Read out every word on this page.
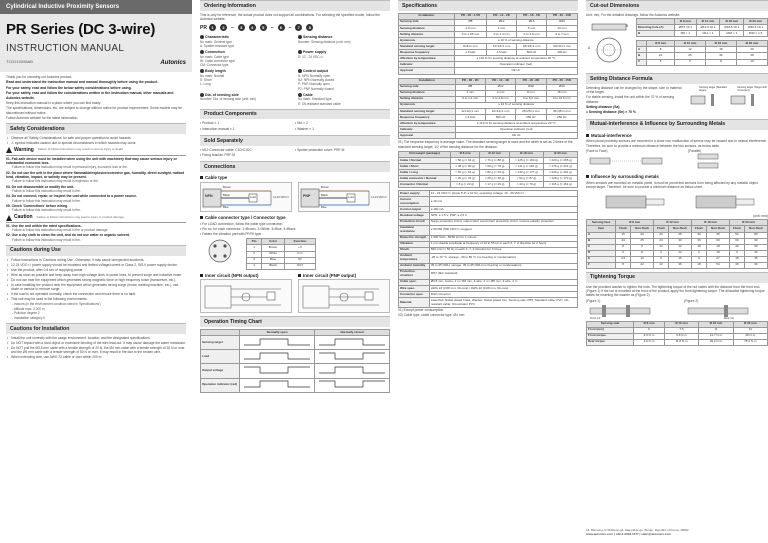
Cylindrical Inductive Proximity Sensors
PR Series (DC 3-wire)
INSTRUCTION MANUAL
TCD210098AB	Autonics
Thank you for choosing our Autonics product.
Read and understand the instruction manual and manual thoroughly before using the product.
For your safety, read and follow the below safety considerations before using.
For your safety, read and follow the considerations written in the instruction manual, other manuals and Autonics website.
Keep this instruction manual in a place where you can find easily.
The specifications, dimensions, etc. are subject to change without notice for product improvement. Some models may be discontinued without notice.
Follow Autonics website for the latest information.
Safety Considerations
• Observe all 'Safety Considerations' for safe and proper operation to avoid hazards.
• ⚠ symbol indicates caution due to special circumstances in which hazards may occur.
Warning Failure to follow instructions may result in serious injury or death.
01. Fail-safe device must be installed when using the unit with machinery that may cause serious injury or substantial economic loss.
Failure to follow this instruction may result in personal injury, economic loss or fire.
02. Do not use the unit in the place where flammable/explosive/corrosive gas, humidity, direct sunlight, radiant heat, vibration, impact, or salinity may be present.
Failure to follow this instruction may result in explosion or fire.
03. Do not disassemble or modify the unit.
Failure to follow this instruction may result in fire.
04. Do not connect, repair, or inspect the unit while connected to a power source.
Failure to follow this instruction may result in fire.
05. Check 'Connections' before wiring.
Failure to follow this instruction may result in fire.
Caution Failure to follow instructions may lead to injury or product damage.
01. Use the unit within the rated specifications.
Failure to follow this instruction may result in fire or product damage.
02. Use a dry cloth to clean the unit, and do not use water or organic solvent.
Failure to follow this instruction may result in fire.
Cautions during Use
• Follow instructions in 'Cautions during Use'. Otherwise, it may cause unexpected accidents.
• 12-24 VDC== power supply should be insulated and limited voltage/current or Class 2, SELV power supply device.
• Use the product, after 0.8 sec of supplying power.
• Wire as short as possible and keep away from high voltage lines or power lines, to prevent surge and inductive noise.
• Do not use near the equipment which generates strong magnetic force or high frequency noise (transceiver, etc.).
• In case installing the product near the equipment which generates strong surge (motor, welding machine, etc.), use diode or varistor to remove surge.
• If the load is not operated normally, check the connection and ensure there is no fault.
• This unit may be used in the following environments.
- Indoors (in the environment condition rated in 'Specifications')
- Altitude max. 2,000 m
- Pollution degree 2
- Installation category II
Cautions for Installation
• Install the unit correctly with the usage environment, location, and the designated specifications.
• Do NOT impact with a hard object or excessive bending of the wire lead-out. It may cause damage the water resistance.
• Do NOT pull the Ø3.5 mm cable with a tensile strength of 20 N, the Ø4 mm cable with a tensile strength of 30 N or over and the Ø5 mm cable with a tensile strength of 50 N or over. It may result in fire due to the broken wire.
• When extending wire, use AWG 22 cable or over within 200 m.
Ordering Information
This is only for reference, the actual product does not support all combinations. For selecting the specified model, follow the Autonics website.
PR	1	2	–	3	4	5	–	6	–	7	8
Characteristic
No mark: General type
A: Spatter-resistant type
Sensing distance
Number: Sensing distance (unit: mm)
Connection
No mark: Cable type
W: Cable connector type
CM: Connector type
Power supply
D: 12 - 24 VDC==
Body length
No mark: Normal
S: Short
L: Long
Control output
N: NPN Normally open
N2: NPN Normally closed
P: PNP Normally open
P2: PNP Normally closed
Dia. of sensing side
Number: Dia. of sensing side (unit: mm)
Cable
No mark: Standard type
E: Oil-resistant standard cable
Product Components
• Product × 1	• Nut × 2
• Instruction manual × 1	• Washer × 1
Sold Separately
• M12 Connector cable: C1D/C1DC	• Sputter protection cover: PRF-M
• Fixing bracket: PRF-M
Connections
Cable type
NPN
Brown
Black
Blue
Load	12-24 VDC==	PNP
Brown
Black
Blue
Load	12-24 VDC==
Cable connector type / Connector type
• For LOAD connection, follow the cable type connection.
• Pin no. for each connector: 1=Brown, 2=White, 3=Blue, 4=Black
• Fasten the vibration part with PF/Fit type.
Pin	Color	Function
1	Brown	+V
2	White	N·C
3	Blue	0V
4	Black	OUT
Inner circuit (NPN output)	Inner circuit (PNP output)
Operation Timing Chart
	Normally open	Normally closed
Sensing target		
Load		
Output voltage		
Operation indicator (red)		
Specifications
Installation	PR - 08 - 1.5D	PR - 12 - 2D	PR - 18 - 5D	PR - 30 - 10D
Sensing side	Ø8	Ø12	Ø18	Ø30
Sensing distance	1.5 mm	2 mm	5 mm	10 mm
Setting distance	0 to 1.05 mm	0 to 1.4 mm	0 to 3.5 mm	0 to 7 mm
Hysteresis	≤ 10 % of sensing distance			
Standard sensing target	8×8×1 mm	12×12×1 mm	18×18×1 mm	30×30×1 mm
Response frequency	1.5 kHz	1.5 kHz	500 Hz	400 Hz
Affection by temperature	≤ ±10 % for sensing distance at ambient temperature 20 °C			
Indicator	Operation indicator (red)			
Approval	CE UL			
Installation	PR - 08 - 2D	PR - 12 - 4D	PR - 18 - 8D	PR - 30 - 15D
Sensing side	Ø8	Ø12	Ø18	Ø30
Sensing distance	2 mm	4 mm	8 mm	15 mm
Setting distance	0 to 1.4 mm	0 to 2.8 mm	0 to 5.6 mm	0 to 10.5 mm
Hysteresis	≤ 10 % of sensing distance			
Standard sensing target	12×12×1 mm	12×12×1 mm	25×25×1 mm	45×45×1 mm
Response frequency	1.5 kHz	500 Hz	350 Hz	250 Hz
Affection by temperature	≤ ±10 % for sensing distance at ambient temperature 20 °C			
Indicator	Operation indicator (red)			
Approval	CE UL			
01) The response frequency is average value. The standard sensing target is used and the width is set as 2 times of the standard sensing target, 1/2 of the sensing distance for the distance.
Unit weight (package)	Ø 8 mm	Ø 12 mm	Ø 18 mm	Ø 30 mm
Cable / Normal	≈ 50 g (≈ 62 g)	≈ 76 g (≈ 88 g)	≈ 125 g (≈ 160 g)	≈ 220 g (≈ 265 g)
Cable / Short	≈ 48 g (≈ 60 g)	≈ 66 g (≈ 78 g)	≈ 111 g (≈ 146 g)	≈ 176 g (≈ 221 g)
Cable / Long	≈ 52 g (≈ 64 g)	≈ 82 g (≈ 94 g)	≈ 142 g (≈ 177 g)	≈ 246 g (≈ 291 g)
Cable connector / Normal	≈ 20 g (≈ 32 g)	≈ 28 g (≈ 40 g)	≈ 52 g (≈ 87 g)	≈ 128 g (≈ 173 g)
Connector / Normal	≈ 8 g (≈ 20 g)	≈ 17 g (≈ 29 g)	≈ 44 g (≈ 79 g)	≈ 116 g (≈ 161 g)
Power supply	12 - 24 VDC== (ripple P-P: ≤ 10 %), operating voltage: 10 - 30 VDC==
Current consumption	≤ 10 mA
Control output	≤ 200 mA
Residual voltage	NPN: ≤ 1.5 V, PNP: ≤ 2.5 V
Protection circuit	Surge protection circuit, output short overcurrent protection circuit, reverse polarity protection
Insulation resistance	≥ 50 MΩ (500 VDC== megger)
Dielectric strength	1,500 VAC~ 50/60 Hz for 1 minute
Vibration	1 mm double amplitude at frequency of 10 to 55 Hz in each X, Y, Z direction for 2 hours
Shock	500 m/s² (≈ 50 G) in each X, Y, Z direction for 3 times
Ambient temperature	-25 to 70 °C, storage: -30 to 80 °C (no freezing or condensation)
Ambient humidity	35 to 95 %RH, storage: 35 to 95 %RH (no freezing or condensation)
Protection structure	IP67 (IEC standard)
Cable spec.	Ø3.5 mm, 3-wire, 2 m / Ø4 mm, 3-wire, 2 m / Ø5 mm, 3-wire, 2 m
Wire spec.	AWG 24 (0.08 mm, 40-core) / AWG 22 (0.08 mm, 60-core)
Connector spec.	M12 connector
Material	Case/Nut: Nickel plated brass, Washer: Nickel plated iron, Sensing side: PBT, Standard cable: PVC, Oil-resistant cable: Oil-resistant PVC
01) Except power consumption.
02) Cable type, cable connector type: Ø4 mm
Cut-out Dimensions
Unit: mm, For the detailed drawings, follow the Autonics website.
A
B
	Ø 8 mm	Ø 12 mm	Ø 18 mm	Ø 30 mm
Mounting hole (A)	Ø8.5 ±0.1	Ø12.5 ±0.1	Ø18.5 ±0.1	Ø30.5 ±0.1
B	M8 × 1	M12 × 1	M18 × 1	M30 × 1.5
	Ø 8 mm	Ø 12 mm	Ø 18 mm	Ø 30 mm
A	8	12	18	30
B	24	26	36	48
C	5	6	8	10
Setting Distance Formula
Detecting distance can be changed by the shape, size or material of the target.
For stable sensing, install the unit within the 70 % of sensing distance.
Setting distance (Sa)
= Sensing distance (Sn) × 70 %
Sensing target (Standard target)
Sensing target (Target with movement)
Mutual-interference & Influence by Surrounding Metals
Mutual-interference
When plural proximity sensors are mounted in a close row, malfunction of sensor may be caused due to mutual interference. Therefore, be sure to provide a minimum distance between the two sensors, as below table.
(Face to Face)	(Parallel)
Influence by surrounding metals
When sensors are mounted on metallic panel, it must be prevented sensors from being affected by any metallic object except target. Therefore, be sure to provide a minimum distance as below chart.
(unit: mm)
Sensing face	Ø 8 mm		Ø 12 mm		Ø 18 mm		Ø 30 mm	
Item	Flush	Non-flush	Flush	Non-flush	Flush	Non-flush	Flush	Non-flush
A	15	20	20	25	30	45	50	80
B	24	25	24	30	36	60	60	90
C	8	6	12	12	18	18	30	30
D	0	8	0	12	0	18	0	30
E	4.5	10	6	16	9	27	15	45
F	8	22	12	36	18	54	30	90
Tightening Torque
Use the provided washer to tighten the nuts. The tightening torque of the nut varies with the distance from the front end. (Figure 1) If the nut is mounted at the front of the product, apply the front tightening torque. The allowable tightening torque tables for inserting the washer as (Figure 2).
(Figure 1)
Front nut
(Figure 2)
Rear nut
Sensing side	Ø 8 mm	Ø 12 mm	Ø 18 mm	Ø 30 mm
Front (mm)	6	7.5	11	13
Front torque	4.9 N·m	9.8 N·m	14.7 N·m	49 N·m
Rear torque	4.9 N·m	11.8 N·m	39.2 N·m	78.4 N·m
18, Bansong-ro 513beon-gil, Haeundae-gu, Busan, Republic of Korea, 48002
www.autonics.com | +82-2-2048-1577 | sales@autonics.com
